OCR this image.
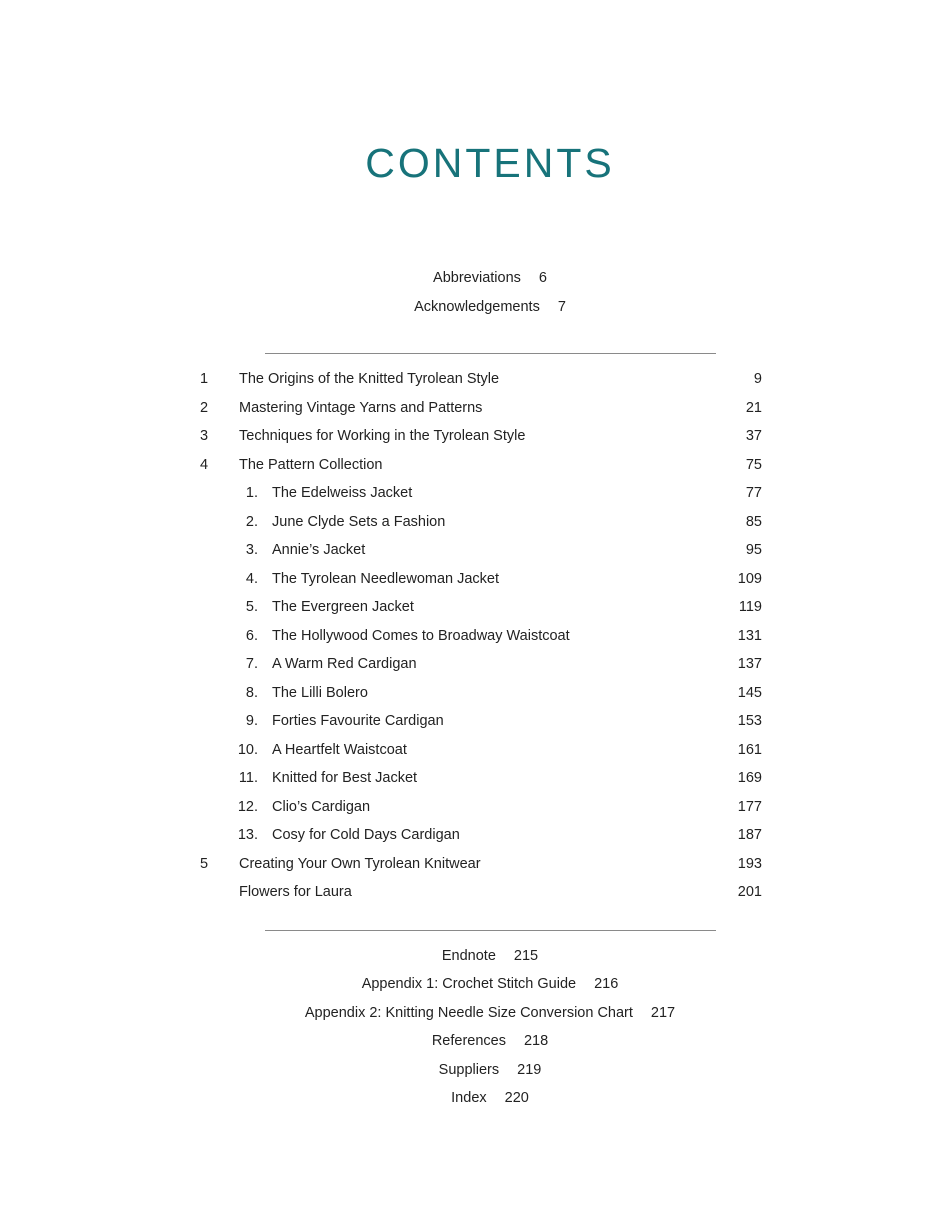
CONTENTS
Abbreviations 6
Acknowledgements 7
1 The Origins of the Knitted Tyrolean Style	9
2 Mastering Vintage Yarns and Patterns	21
3 Techniques for Working in the Tyrolean Style	37
4 The Pattern Collection	75
1. The Edelweiss Jacket	77
2. June Clyde Sets a Fashion	85
3. Annie’s Jacket	95
4. The Tyrolean Needlewoman Jacket	109
5. The Evergreen Jacket	119
6. The Hollywood Comes to Broadway Waistcoat	131
7. A Warm Red Cardigan	137
8. The Lilli Bolero	145
9. Forties Favourite Cardigan	153
10. A Heartfelt Waistcoat	161
11. Knitted for Best Jacket	169
12. Clio’s Cardigan	177
13. Cosy for Cold Days Cardigan	187
5 Creating Your Own Tyrolean Knitwear	193
Flowers for Laura	201
Endnote 215
Appendix 1: Crochet Stitch Guide 216
Appendix 2: Knitting Needle Size Conversion Chart 217
References 218
Suppliers 219
Index 220
